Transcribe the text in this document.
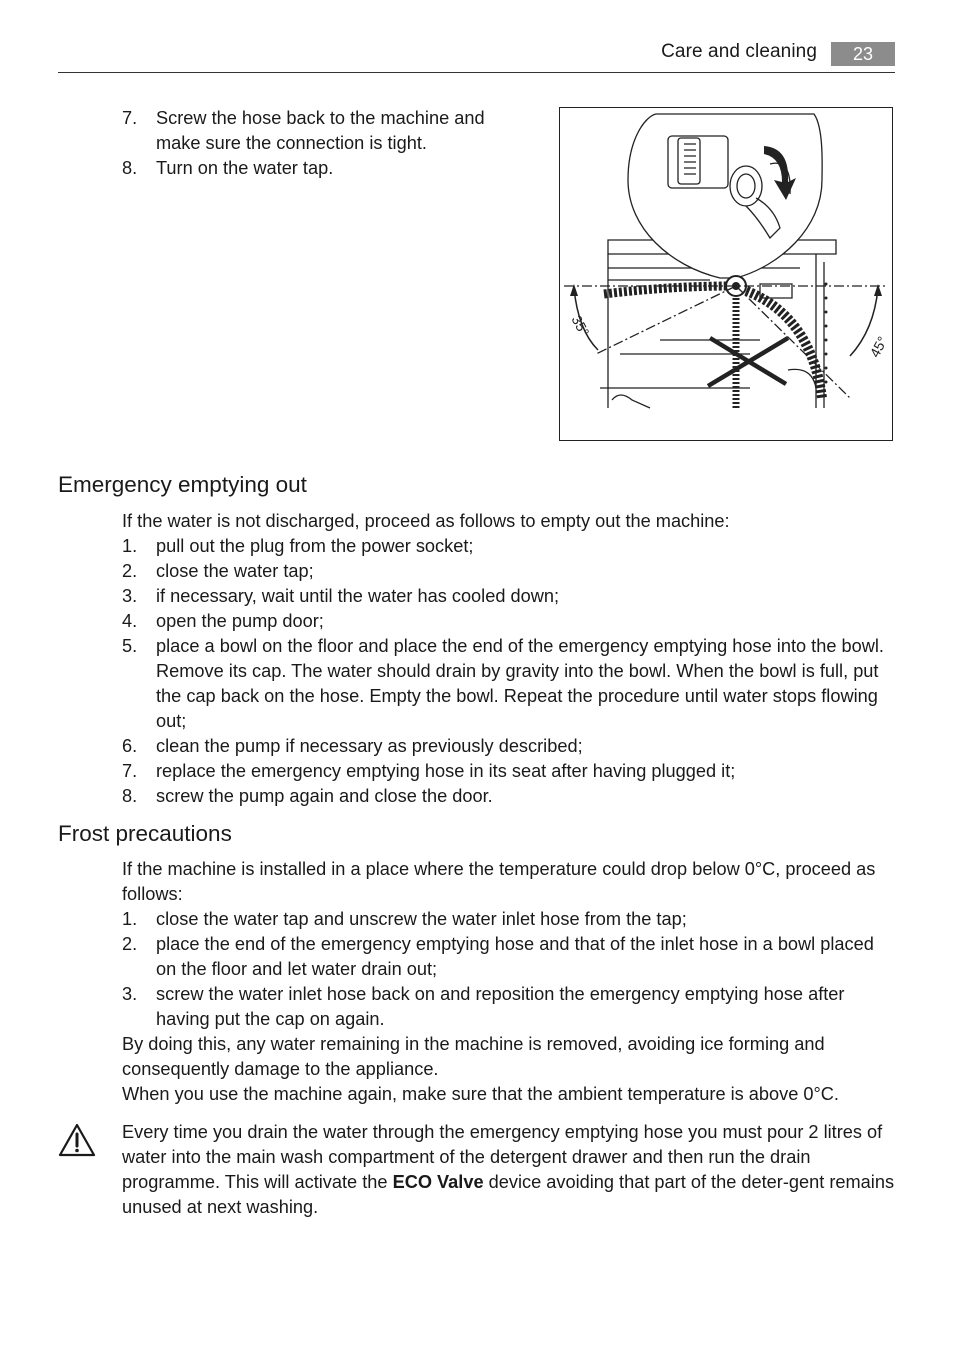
Care and cleaning	23
7. Screw the hose back to the machine and make sure the connection is tight.
8. Turn on the water tap.
35°
45°
Emergency emptying out

If the water is not discharged, proceed as follows to empty out the machine:

1. pull out the plug from the power socket;
2. close the water tap;
3. if necessary, wait until the water has cooled down;
4. open the pump door;
5. place a bowl on the floor and place the end of the emergency emptying hose into the bowl. Remove its cap. The water should drain by gravity into the bowl. When the bowl is full, put the cap back on the hose. Empty the bowl. Repeat the procedure until water stops flowing out;
6. clean the pump if necessary as previously described;
7. replace the emergency emptying hose in its seat after having plugged it;
8. screw the pump again and close the door.
Frost precautions

If the machine is installed in a place where the temperature could drop below 0°C, proceed as follows:

1. close the water tap and unscrew the water inlet hose from the tap;
2. place the end of the emergency emptying hose and that of the inlet hose in a bowl placed on the floor and let water drain out;
3. screw the water inlet hose back on and reposition the emergency emptying hose after having put the cap on again.

By doing this, any water remaining in the machine is removed, avoiding ice forming and consequently damage to the appliance.

When you use the machine again, make sure that the ambient temperature is above 0°C.

Every time you drain the water through the emergency emptying hose you must pour 2 litres of water into the main wash compartment of the detergent drawer and then run the drain programme. This will activate the ECO Valve device avoiding that part of the deter-gent remains unused at next washing.
